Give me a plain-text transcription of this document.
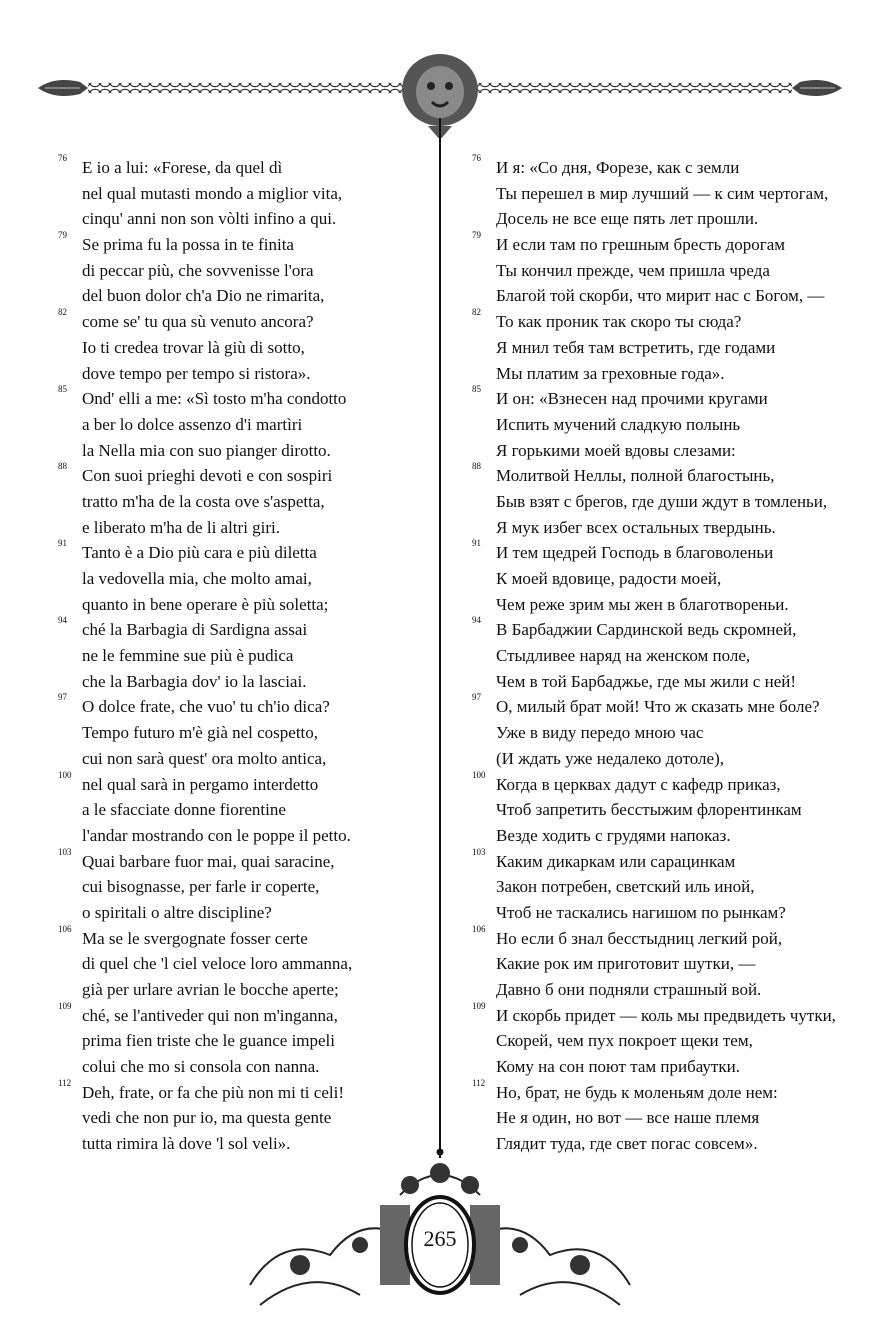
76 E io a lui: «Forese, da quel dì
nel qual mutasti mondo a miglior vita,
cinqu' anni non son vòlti infino a qui.
79 Se prima fu la possa in te finita
di peccar più, che sovvenisse l'ora
del buon dolor ch'a Dio ne rimarita,
82 come se' tu qua sù venuto ancora?
Io ti credea trovar là giù di sotto,
dove tempo per tempo si ristora».
85 Ond' elli a me: «Sì tosto m'ha condotto
a ber lo dolce assenzo d'i martìri
la Nella mia con suo pianger dirotto.
88 Con suoi prieghi devoti e con sospiri
tratto m'ha de la costa ove s'aspetta,
e liberato m'ha de li altri giri.
91 Tanto è a Dio più cara e più diletta
la vedovella mia, che molto amai,
quanto in bene operare è più soletta;
94 ché la Barbagia di Sardigna assai
ne le femmine sue più è pudica
che la Barbagia dov' io la lasciai.
97 O dolce frate, che vuo' tu ch'io dica?
Tempo futuro m'è già nel cospetto,
cui non sarà quest' ora molto antica,
100 nel qual sarà in pergamo interdetto
a le sfacciate donne fiorentine
l'andar mostrando con le poppe il petto.
103 Quai barbare fuor mai, quai saracine,
cui bisognasse, per farle ir coperte,
o spiritali o altre discipline?
106 Ma se le svergognate fosser certe
di quel che 'l ciel veloce loro ammanna,
già per urlare avrian le bocche aperte;
109 ché, se l'antiveder qui non m'inganna,
prima fien triste che le guance impeli
colui che mo si consola con nanna.
112 Deh, frate, or fa che più non mi ti celi!
vedi che non pur io, ma questa gente
tutta rimira là dove 'l sol veli».
76 И я: «Со дня, Форезе, как с земли
Ты перешел в мир лучший — к сим чертогам,
Досель не все еще пять лет прошли.
79 И если там по грешным бресть дорогам
Ты кончил прежде, чем пришла чреда
Благой той скорби, что мирит нас с Богом, —
82 То как проник так скоро ты сюда?
Я мнил тебя там встретить, где годами
Мы платим за греховные года».
85 И он: «Взнесен над прочими кругами
Испить мучений сладкую полынь
Я горькими моей вдовы слезами:
88 Молитвой Неллы, полной благостынь,
Быв взят с брегов, где души ждут в томленьи,
Я мук избег всех остальных твердынь.
91 И тем щедрей Господь в благоволеньи
К моей вдовице, радости моей,
Чем реже зрим мы жен в благотвореньи.
94 В Барбаджии Сардинской ведь скромней,
Стыдливее наряд на женском поле,
Чем в той Барбаджье, где мы жили с ней!
97 О, милый брат мой! Что ж сказать мне боле?
Уже в виду передо мною час
(И ждать уже недалеко дотоле),
100 Когда в церквах дадут с кафедр приказ,
Чтоб запретить бесстыжим флорентинкам
Везде ходить с грудями напоказ.
103 Каким дикаркам или сарацинкам
Закон потребен, светский иль иной,
Чтоб не таскались нагишом по рынкам?
106 Но если б знал бесстыдниц легкий рой,
Какие рок им приготовит шутки, —
Давно б они подняли страшный вой.
109 И скорбь придет — коль мы предвидеть чутки,
Скорей, чем пух покроет щеки тем,
Кому на сон поют там прибаутки.
112 Но, брат, не будь к моленьям доле нем:
Не я один, но вот — все наше племя
Глядит туда, где свет погас совсем».
265
